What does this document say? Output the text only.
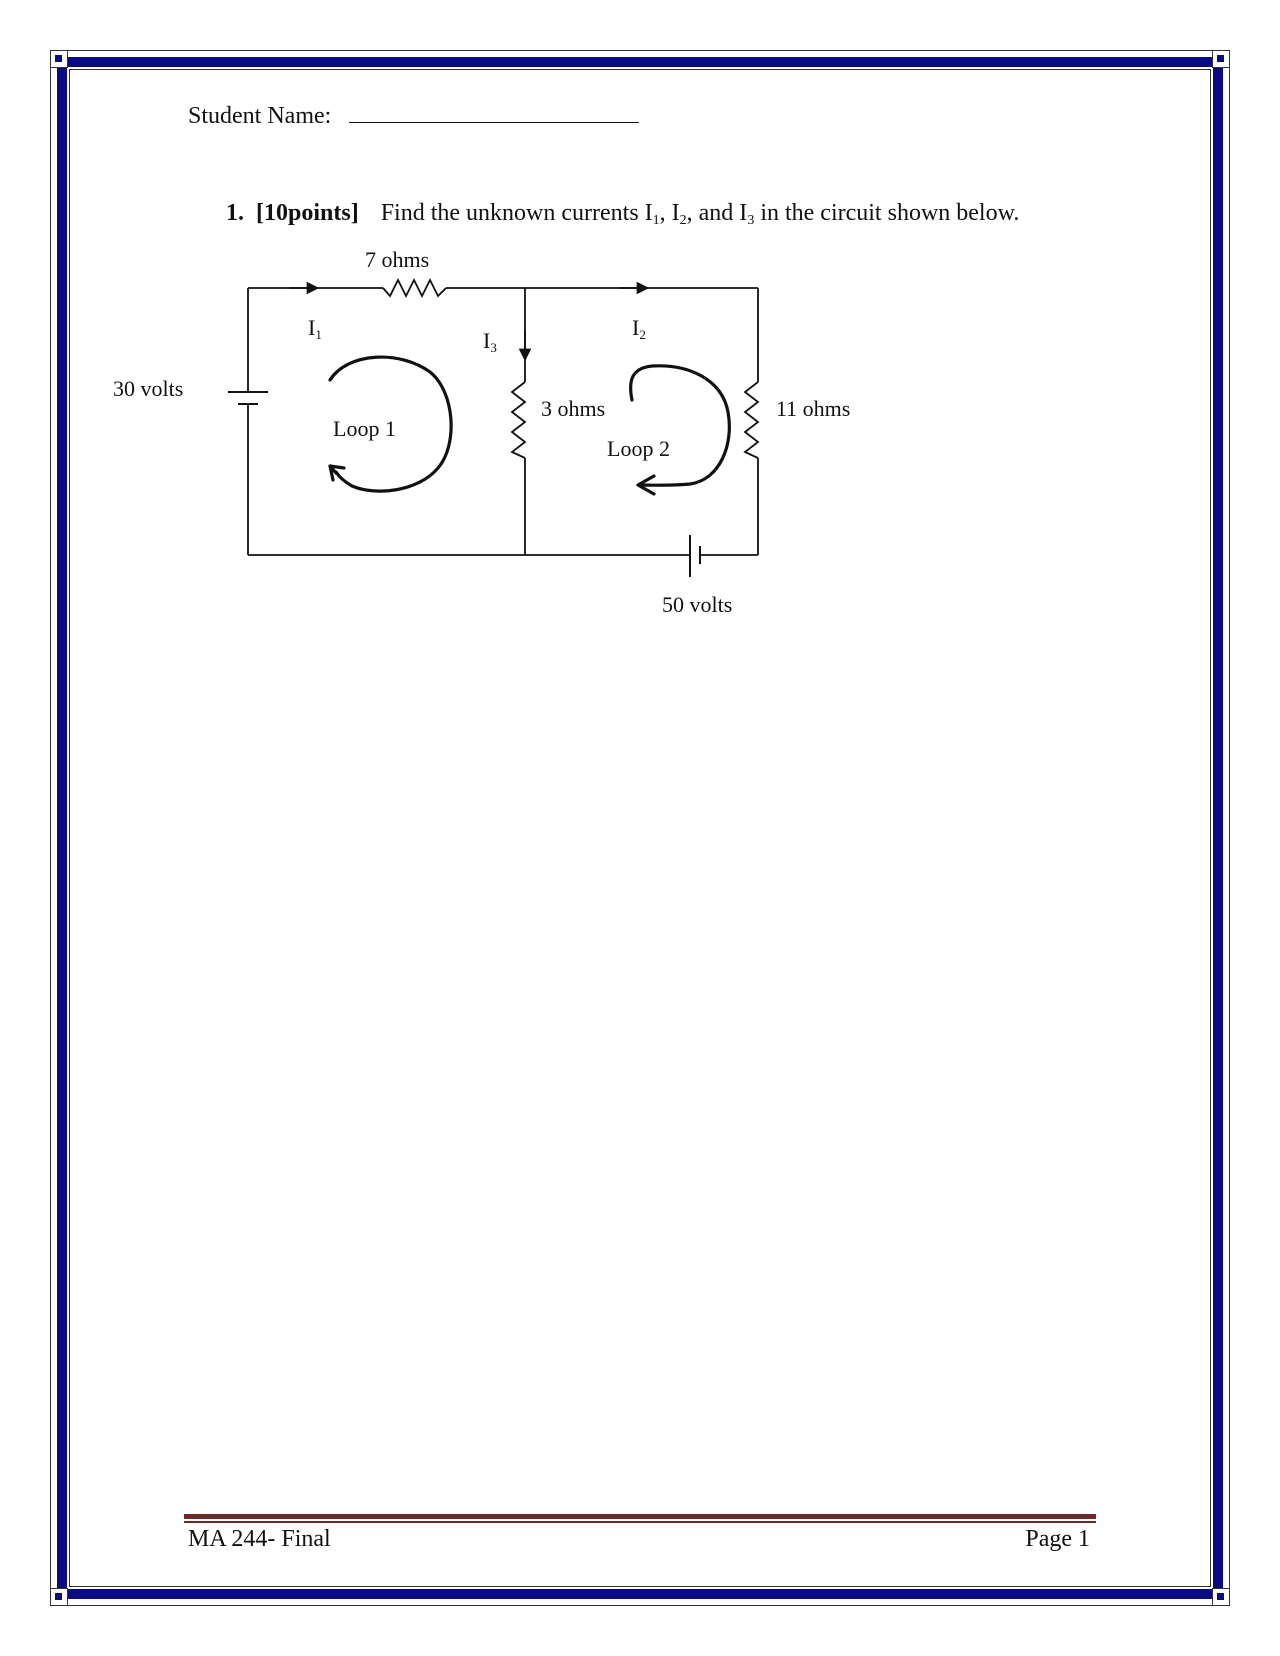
Student Name:
1. [10points] Find the unknown currents $I_1$, $I_2$, and $I_3$ in the circuit shown below.
7 ohms
3 ohms	11 ohms
30 volts
50 volts
I1	I2
I3
Loop 1
Loop 2
MA 244- Final	Page 1
